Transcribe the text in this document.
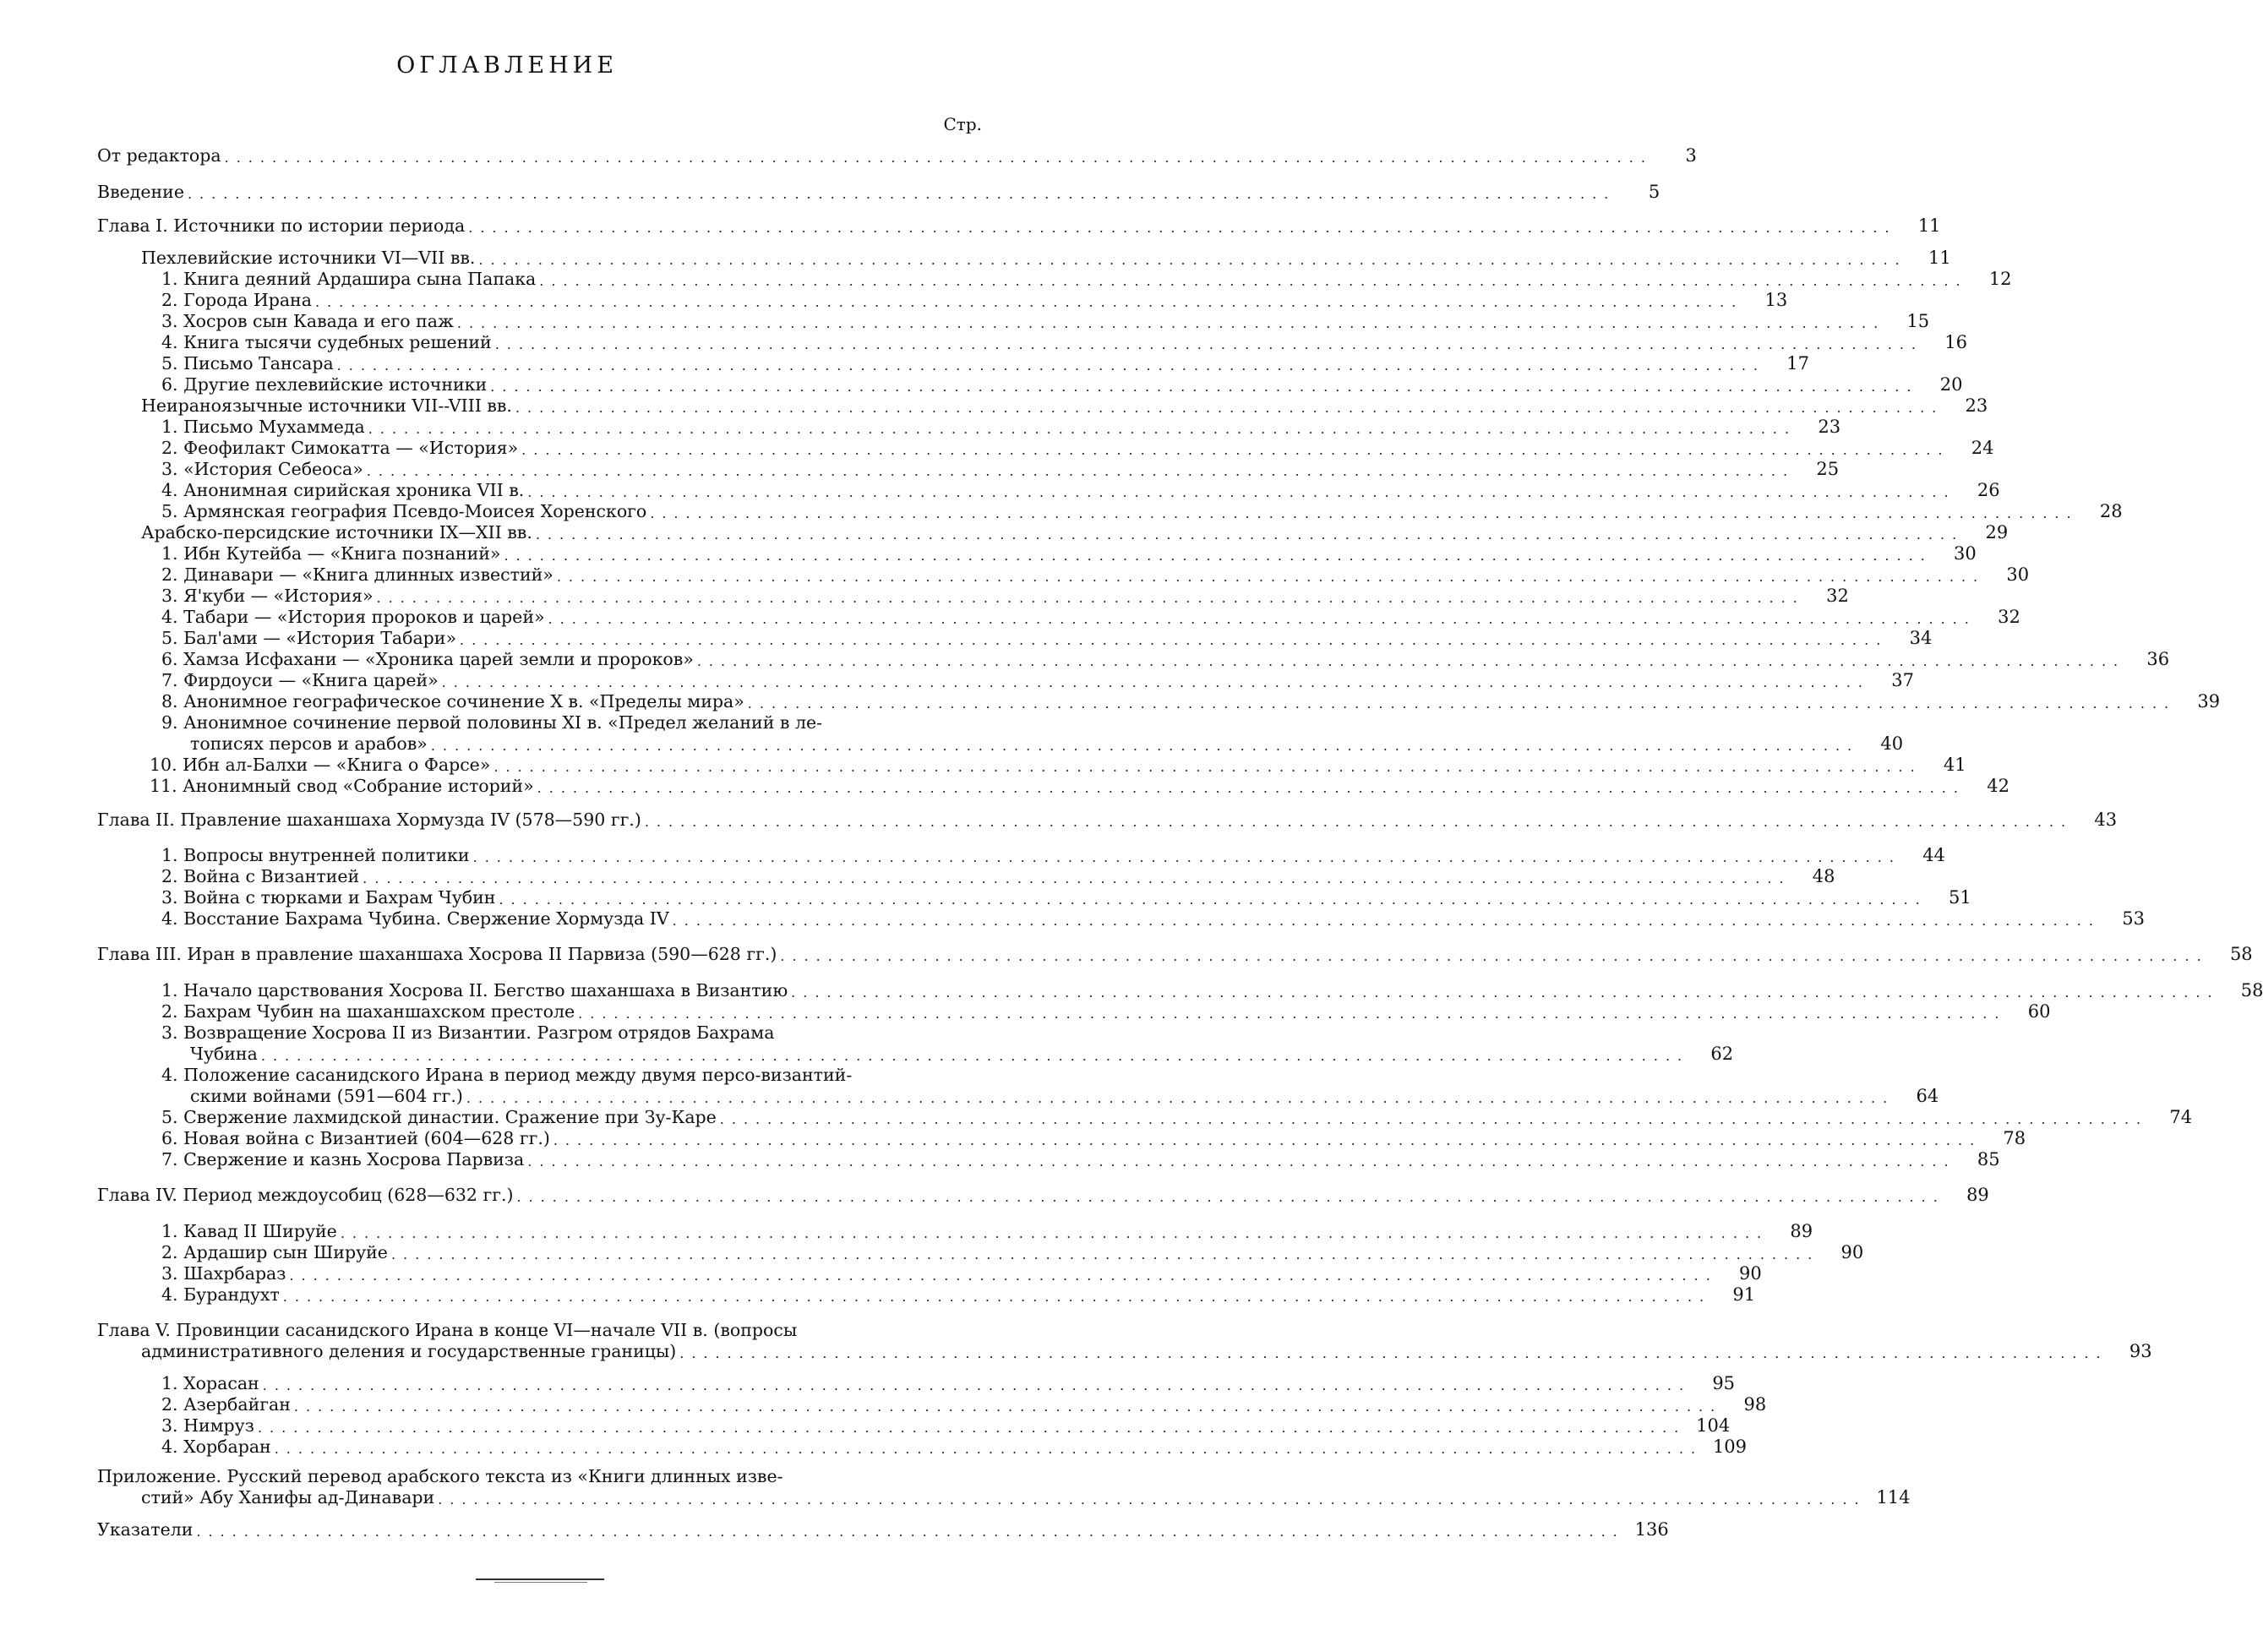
ОГЛАВЛЕНИЕ
Стр.
От редактора ........................................................................................................................	3
Введение ........................................................................................................................	5
Глава I. Источники по истории периода ........................................................................................................................	11
Пехлевийские источники VI—VII вв. ........................................................................................................................	11
1. Книга деяний Ардашира сына Папака ........................................................................................................................	12
2. Города Ирана ........................................................................................................................	13
3. Хосров сын Кавада и его паж ........................................................................................................................	15
4. Книга тысячи судебных решений ........................................................................................................................	16
5. Письмо Тансара ........................................................................................................................	17
6. Другие пехлевийские источники ........................................................................................................................	20
Неираноязычные источники VII--VIII вв. ........................................................................................................................	23
1. Письмо Мухаммеда ........................................................................................................................	23
2. Феофилакт Симокатта — «История» ........................................................................................................................	24
3. «История Себеоса» ........................................................................................................................	25
4. Анонимная сирийская хроника VII в. ........................................................................................................................	26
5. Армянская география Псевдо-Моисея Хоренского ........................................................................................................................	28
Арабско-персидские источники IX—XII вв. ........................................................................................................................	29
1. Ибн Кутейба — «Книга познаний» ........................................................................................................................	30
2. Динавари — «Книга длинных известий» ........................................................................................................................	30
3. Я'куби — «История» ........................................................................................................................	32
4. Табари — «История пророков и царей» ........................................................................................................................	32
5. Бал'ами — «История Табари» ........................................................................................................................	34
6. Хамза Исфахани — «Хроника царей земли и пророков» ........................................................................................................................	36
7. Фирдоуси — «Книга царей» ........................................................................................................................	37
8. Анонимное географическое сочинение X в. «Пределы мира» ........................................................................................................................	39
9. Анонимное сочинение первой половины XI в. «Предел желаний в ле-
тописях персов и арабов» ........................................................................................................................	40
10. Ибн ал-Балхи — «Книга о Фарсе» ........................................................................................................................	41
11. Анонимный свод «Собрание историй» ........................................................................................................................	42
Глава II. Правление шаханшаха Хормузда IV (578—590 гг.) ........................................................................................................................	43
1. Вопросы внутренней политики ........................................................................................................................	44
2. Война с Византией ........................................................................................................................	48
3. Война с тюрками и Бахрам Чубин ........................................................................................................................	51
4. Восстание Бахрама Чубина. Свержение Хормузда IV ........................................................................................................................	53
Глава III. Иран в правление шаханшаха Хосрова II Парвиза (590—628 гг.) ........................................................................................................................	58
1. Начало царствования Хосрова II. Бегство шаханшаха в Византию ........................................................................................................................	58
2. Бахрам Чубин на шаханшахском престоле ........................................................................................................................	60
3. Возвращение Хосрова II из Византии. Разгром отрядов Бахрама
Чубина ........................................................................................................................	62
4. Положение сасанидского Ирана в период между двумя персо-византий-
скими войнами (591—604 гг.) ........................................................................................................................	64
5. Свержение лахмидской династии. Сражение при Зу-Каре ........................................................................................................................	74
6. Новая война с Византией (604—628 гг.) ........................................................................................................................	78
7. Свержение и казнь Хосрова Парвиза ........................................................................................................................	85
Глава IV. Период междоусобиц (628—632 гг.) ........................................................................................................................	89
1. Кавад II Шируйе ........................................................................................................................	89
2. Ардашир сын Шируйе ........................................................................................................................	90
3. Шахрбараз ........................................................................................................................	90
4. Бурандухт ........................................................................................................................	91
Глава V. Провинции сасанидского Ирана в конце VI—начале VII в. (вопросы
административного деления и государственные границы) ........................................................................................................................	93
1. Хорасан ........................................................................................................................	95
2. Азербайган ........................................................................................................................	98
3. Нимруз ........................................................................................................................ 104
4. Хорбаран ........................................................................................................................ 109
Приложение. Русский перевод арабского текста из «Книги длинных изве-
стий» Абу Ханифы ад-Динавари ........................................................................................................................ 114
Указатели ........................................................................................................................ 136
